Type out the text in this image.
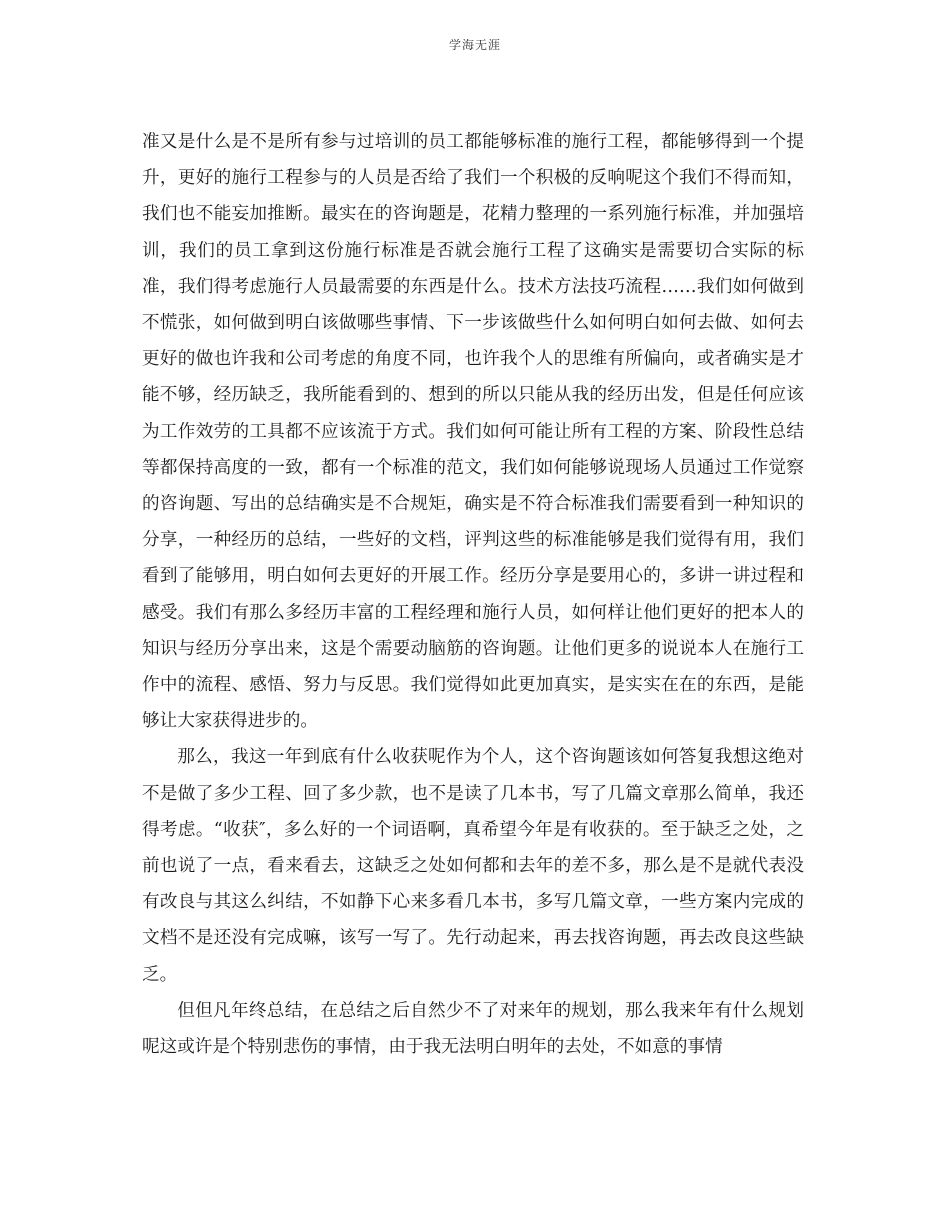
学海无涯

准又是什么是不是所有参与过培训的员工都能够标准的施行工程，都能够得到一个提升，更好的施行工程参与的人员是否给了我们一个积极的反响呢这个我们不得而知，我们也不能妄加推断。最实在的咨询题是，花精力整理的一系列施行标准，并加强培训，我们的员工拿到这份施行标准是否就会施行工程了这确实是需要切合实际的标准，我们得考虑施行人员最需要的东西是什么。技术方法技巧流程……我们如何做到不慌张，如何做到明白该做哪些事情、下一步该做些什么如何明白如何去做、如何去更好的做也许我和公司考虑的角度不同，也许我个人的思维有所偏向，或者确实是才能不够，经历缺乏，我所能看到的、想到的所以只能从我的经历出发，但是任何应该为工作效劳的工具都不应该流于方式。我们如何可能让所有工程的方案、阶段性总结等都保持高度的一致，都有一个标准的范文，我们如何能够说现场人员通过工作觉察的咨询题、写出的总结确实是不合规矩，确实是不符合标准我们需要看到一种知识的分享，一种经历的总结，一些好的文档，评判这些的标准能够是我们觉得有用，我们看到了能够用，明白如何去更好的开展工作。经历分享是要用心的，多讲一讲过程和感受。我们有那么多经历丰富的工程经理和施行人员，如何样让他们更好的把本人的知识与经历分享出来，这是个需要动脑筋的咨询题。让他们更多的说说本人在施行工作中的流程、感悟、努力与反思。我们觉得如此更加真实，是实实在在的东西，是能够让大家获得进步的。

那么，我这一年到底有什么收获呢作为个人，这个咨询题该如何答复我想这绝对不是做了多少工程、回了多少款，也不是读了几本书，写了几篇文章那么简单，我还得考虑。“收获″，多么好的一个词语啊，真希望今年是有收获的。至于缺乏之处，之前也说了一点，看来看去，这缺乏之处如何都和去年的差不多，那么是不是就代表没有改良与其这么纠结，不如静下心来多看几本书，多写几篇文章，一些方案内完成的文档不是还没有完成嘛，该写一写了。先行动起来，再去找咨询题，再去改良这些缺乏。

但但凡年终总结，在总结之后自然少不了对来年的规划，那么我来年有什么规划呢这或许是个特别悲伤的事情，由于我无法明白明年的去处，不如意的事情
